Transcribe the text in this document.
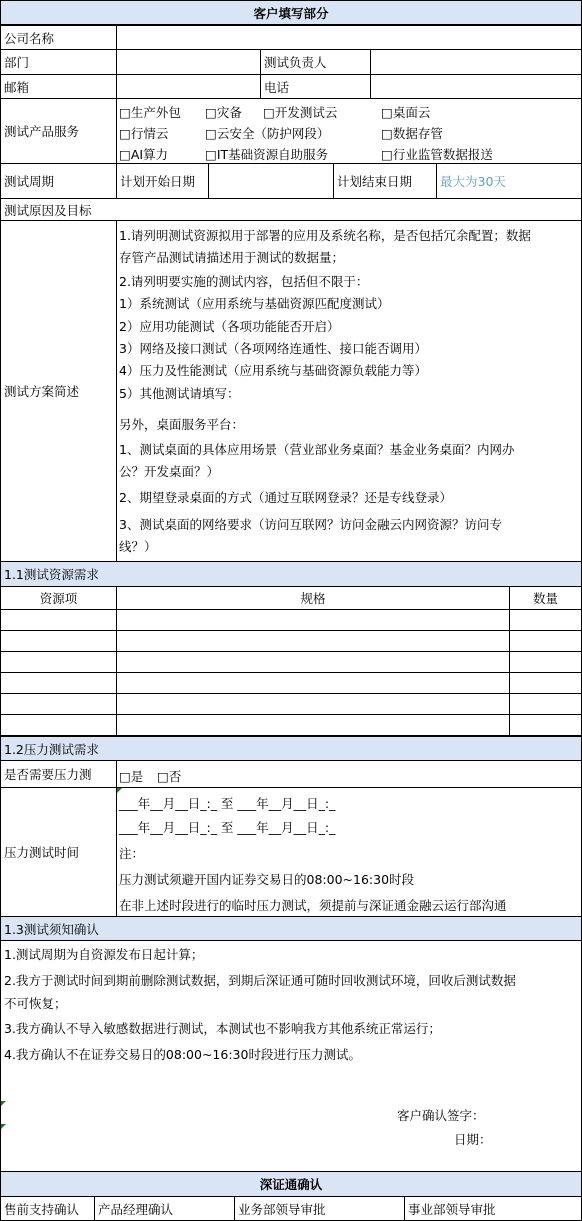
客户填写部分
公司名称
部门	测试负责人
邮箱	电话
测试产品服务
□生产外包 □灾备 □开发测试云	□桌面云
□行情云	□云安全（防护网段）	□数据存管
□AI算力	□IT基础资源自助服务	□行业监管数据报送
测试周期	计划开始日期	计划结束日期	最大为30天
测试原因及目标
测试方案简述
1.请列明测试资源拟用于部署的应用及系统名称，是否包括冗余配置；数据
存管产品测试请描述用于测试的数据量；
2.请列明要实施的测试内容，包括但不限于：
1）系统测试（应用系统与基础资源匹配度测试）
2）应用功能测试（各项功能能否开启）
3）网络及接口测试（各项网络连通性、接口能否调用）
4）压力及性能测试（应用系统与基础资源负载能力等）
5）其他测试请填写：
另外，桌面服务平台：
1、测试桌面的具体应用场景（营业部业务桌面？基金业务桌面？内网办
公？开发桌面？）
2、期望登录桌面的方式（通过互联网登录？还是专线登录）
3、测试桌面的网络要求（访问互联网？访问金融云内网资源？访问专
线？）
1.1测试资源需求
资源项	规格	数量
1.2压力测试需求
是否需要压力测	□是 □否
压力测试时间
___年__月__日_:_ 至 ___年__月__日_:_
___年__月__日_:_ 至 ___年__月__日_:_
注：
压力测试须避开国内证券交易日的08:00~16:30时段
在非上述时段进行的临时压力测试，须提前与深证通金融云运行部沟通
1.3测试须知确认
1.测试周期为自资源发布日起计算；
2.我方于测试时间到期前删除测试数据，到期后深证通可随时回收测试环境，回收后测试数据
不可恢复；
3.我方确认不导入敏感数据进行测试，本测试也不影响我方其他系统正常运行；
4.我方确认不在证券交易日的08:00~16:30时段进行压力测试。
客户确认签字：
日期：
深证通确认
售前支持确认	产品经理确认	业务部领导审批	事业部领导审批
